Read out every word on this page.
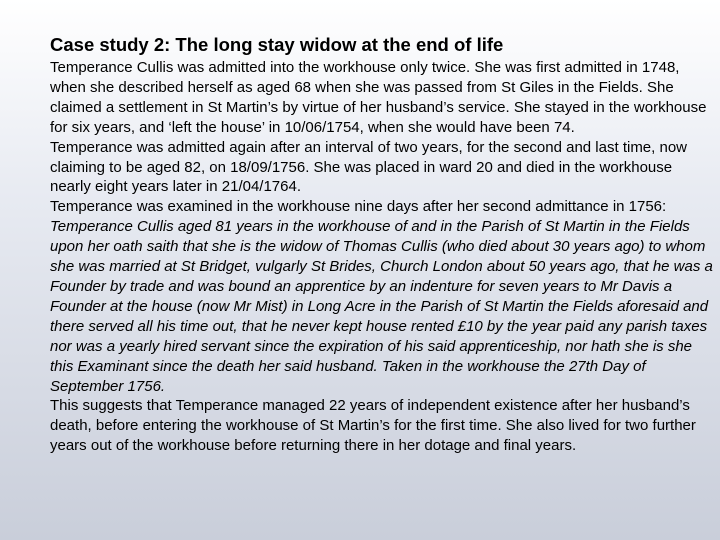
Case study 2: The long stay widow at the end of life

Temperance Cullis was admitted into the workhouse only twice. She was first admitted in 1748, when she described herself as aged 68 when she was passed from St Giles in the Fields. She claimed a settlement in St Martin’s by virtue of her husband’s service. She stayed in the workhouse for six years, and ‘left the house’ in 10/06/1754, when she would have been 74.

Temperance was admitted again after an interval of two years, for the second and last time, now claiming to be aged 82, on 18/09/1756. She was placed in ward 20 and died in the workhouse nearly eight years later in 21/04/1764.

Temperance was examined in the workhouse nine days after her second admittance in 1756:

Temperance Cullis aged 81 years in the workhouse of and in the Parish of St Martin in the Fields upon her oath saith that she is the widow of Thomas Cullis (who died about 30 years ago) to whom she was married at St Bridget, vulgarly St Brides, Church London about 50 years ago, that he was a Founder by trade and was bound an apprentice by an indenture for seven years to Mr Davis a Founder at the house (now Mr Mist) in Long Acre in the Parish of St Martin the Fields aforesaid and there served all his time out, that he never kept house rented £10 by the year paid any parish taxes nor was a yearly hired servant since the expiration of his said apprenticeship, nor hath she is she this Examinant since the death her said husband. Taken in the workhouse the 27th Day of September 1756.

This suggests that Temperance managed 22 years of independent existence after her husband’s death, before entering the workhouse of St Martin’s for the first time. She also lived for two further years out of the workhouse before returning there in her dotage and final years.
